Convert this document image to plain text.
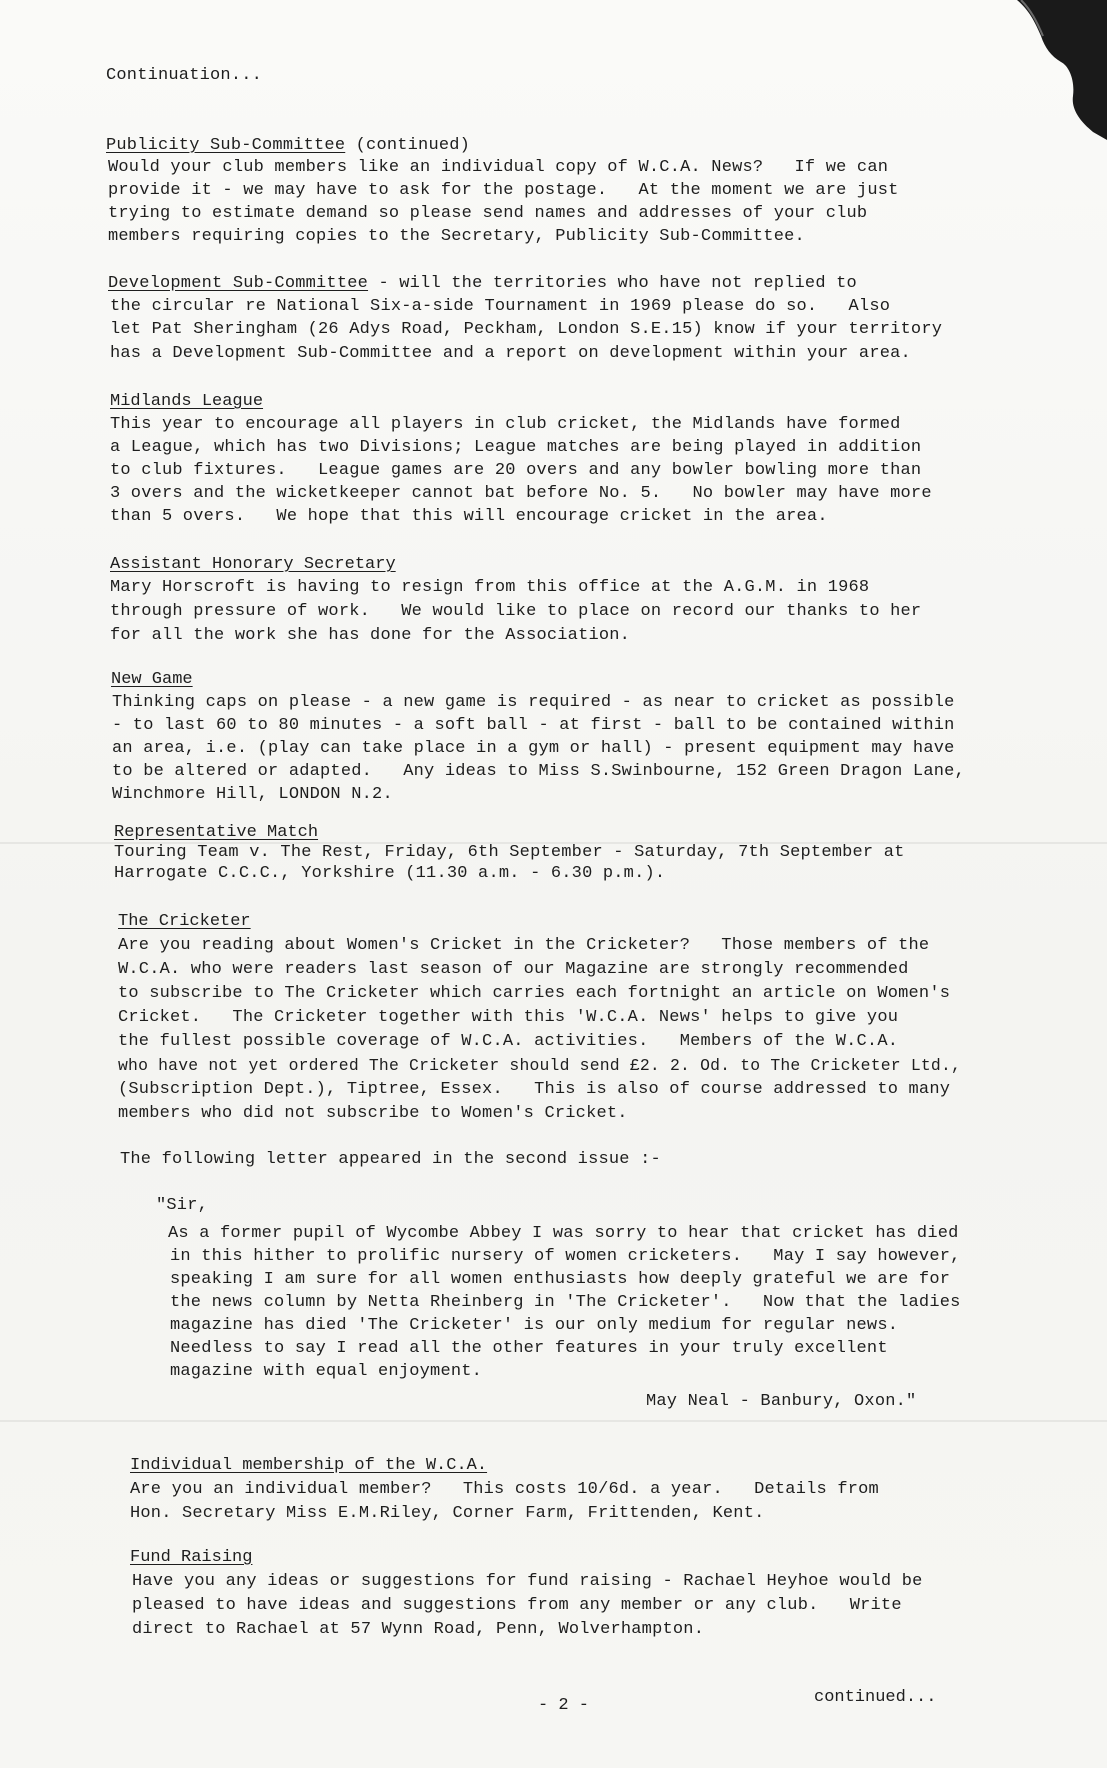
Continuation...
Publicity Sub-Committee (continued)
Would your club members like an individual copy of W.C.A. News?   If we can
provide it - we may have to ask for the postage.   At the moment we are just
trying to estimate demand so please send names and addresses of your club
members requiring copies to the Secretary, Publicity Sub-Committee.
Development Sub-Committee - will the territories who have not replied to
the circular re National Six-a-side Tournament in 1969 please do so.   Also
let Pat Sheringham (26 Adys Road, Peckham, London S.E.15) know if your territory
has a Development Sub-Committee and a report on development within your area.
Midlands League
This year to encourage all players in club cricket, the Midlands have formed
a League, which has two Divisions; League matches are being played in addition
to club fixtures.   League games are 20 overs and any bowler bowling more than
3 overs and the wicketkeeper cannot bat before No. 5.   No bowler may have more
than 5 overs.   We hope that this will encourage cricket in the area.
Assistant Honorary Secretary
Mary Horscroft is having to resign from this office at the A.G.M. in 1968
through pressure of work.   We would like to place on record our thanks to her
for all the work she has done for the Association.
New Game
Thinking caps on please - a new game is required - as near to cricket as possible
- to last 60 to 80 minutes - a soft ball - at first - ball to be contained within
an area, i.e. (play can take place in a gym or hall) - present equipment may have
to be altered or adapted.   Any ideas to Miss S.Swinbourne, 152 Green Dragon Lane,
Winchmore Hill, LONDON N.2.
Representative Match
Touring Team v. The Rest, Friday, 6th September - Saturday, 7th September at
Harrogate C.C.C., Yorkshire (11.30 a.m. - 6.30 p.m.).
The Cricketer
Are you reading about Women's Cricket in the Cricketer?   Those members of the
W.C.A. who were readers last season of our Magazine are strongly recommended
to subscribe to The Cricketer which carries each fortnight an article on Women's
Cricket.   The Cricketer together with this 'W.C.A. News' helps to give you
the fullest possible coverage of W.C.A. activities.   Members of the W.C.A.
who have not yet ordered The Cricketer should send £2. 2. Od. to The Cricketer Ltd.,
(Subscription Dept.), Tiptree, Essex.   This is also of course addressed to many
members who did not subscribe to Women's Cricket.
The following letter appeared in the second issue :-
"Sir,
As a former pupil of Wycombe Abbey I was sorry to hear that cricket has died
in this hither to prolific nursery of women cricketers.   May I say however,
speaking I am sure for all women enthusiasts how deeply grateful we are for
the news column by Netta Rheinberg in 'The Cricketer'.   Now that the ladies
magazine has died 'The Cricketer' is our only medium for regular news.
Needless to say I read all the other features in your truly excellent
magazine with equal enjoyment.
May Neal - Banbury, Oxon."
Individual membership of the W.C.A.
Are you an individual member?   This costs 10/6d. a year.   Details from
Hon. Secretary Miss E.M.Riley, Corner Farm, Frittenden, Kent.
Fund Raising
Have you any ideas or suggestions for fund raising - Rachael Heyhoe would be
pleased to have ideas and suggestions from any member or any club.   Write
direct to Rachael at 57 Wynn Road, Penn, Wolverhampton.
- 2 -	continued...
